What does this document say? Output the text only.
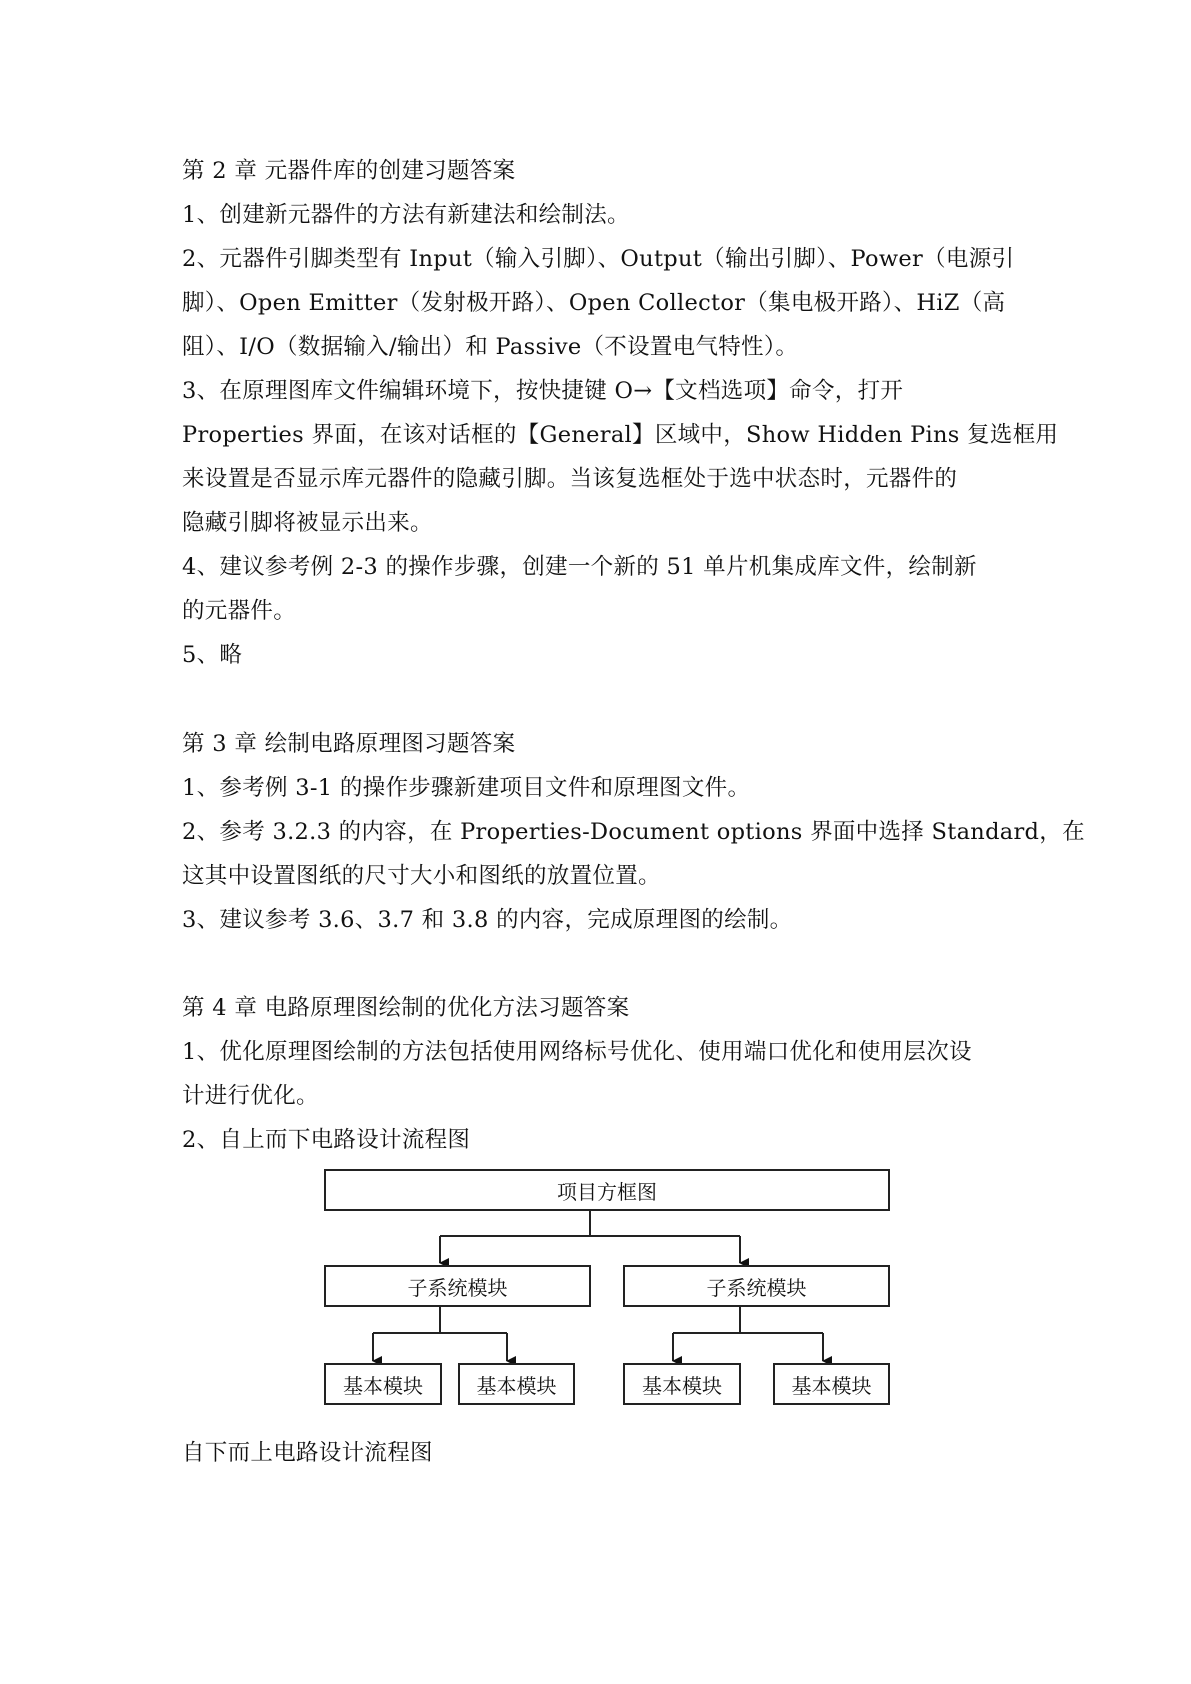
第 2 章 元器件库的创建习题答案
1、创建新元器件的方法有新建法和绘制法。
2、元器件引脚类型有 Input（输入引脚）、Output（输出引脚）、Power（电源引
脚）、Open Emitter（发射极开路）、Open Collector（集电极开路）、HiZ（高
阻）、I/O（数据输入/输出）和 Passive（不设置电气特性）。
3、在原理图库文件编辑环境下，按快捷键 O→【文档选项】命令，打开
Properties 界面，在该对话框的【General】区域中，Show Hidden Pins 复选框用
来设置是否显示库元器件的隐藏引脚。当该复选框处于选中状态时，元器件的
隐藏引脚将被显示出来。
4、建议参考例 2-3 的操作步骤，创建一个新的 51 单片机集成库文件，绘制新
的元器件。
5、略
第 3 章 绘制电路原理图习题答案
1、参考例 3-1 的操作步骤新建项目文件和原理图文件。
2、参考 3.2.3 的内容，在 Properties-Document options 界面中选择 Standard，在
这其中设置图纸的尺寸大小和图纸的放置位置。
3、建议参考 3.6、3.7 和 3.8 的内容，完成原理图的绘制。
第 4 章 电路原理图绘制的优化方法习题答案
1、优化原理图绘制的方法包括使用网络标号优化、使用端口优化和使用层次设
计进行优化。
2、自上而下电路设计流程图
项目方框图
子系统模块	子系统模块
基本模块	基本模块	基本模块	基本模块
自下而上电路设计流程图
